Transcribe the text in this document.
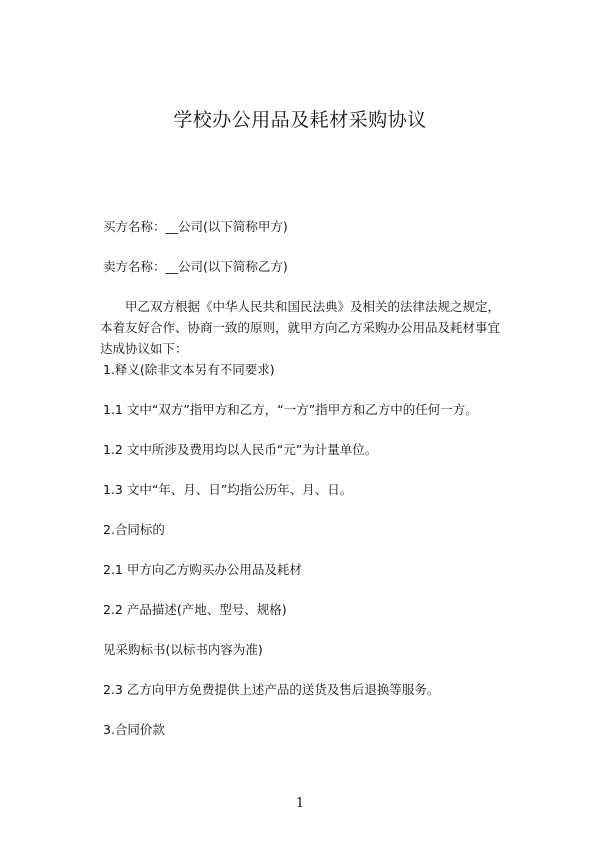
学校办公用品及耗材采购协议
买方名称：__公司(以下简称甲方)
卖方名称：__公司(以下简称乙方)
甲乙双方根据《中华人民共和国民法典》及相关的法律法规之规定，本着友好合作、协商一致的原则，就甲方向乙方采购办公用品及耗材事宜达成协议如下：
1.释义(除非文本另有不同要求)
1.1 文中“双方”指甲方和乙方，“一方”指甲方和乙方中的任何一方。
1.2 文中所涉及费用均以人民币“元”为计量单位。
1.3 文中“年、月、日”均指公历年、月、日。
2.合同标的
2.1 甲方向乙方购买办公用品及耗材
2.2 产品描述(产地、型号、规格)
见采购标书(以标书内容为准)
2.3 乙方向甲方免费提供上述产品的送货及售后退换等服务。
3.合同价款
1
